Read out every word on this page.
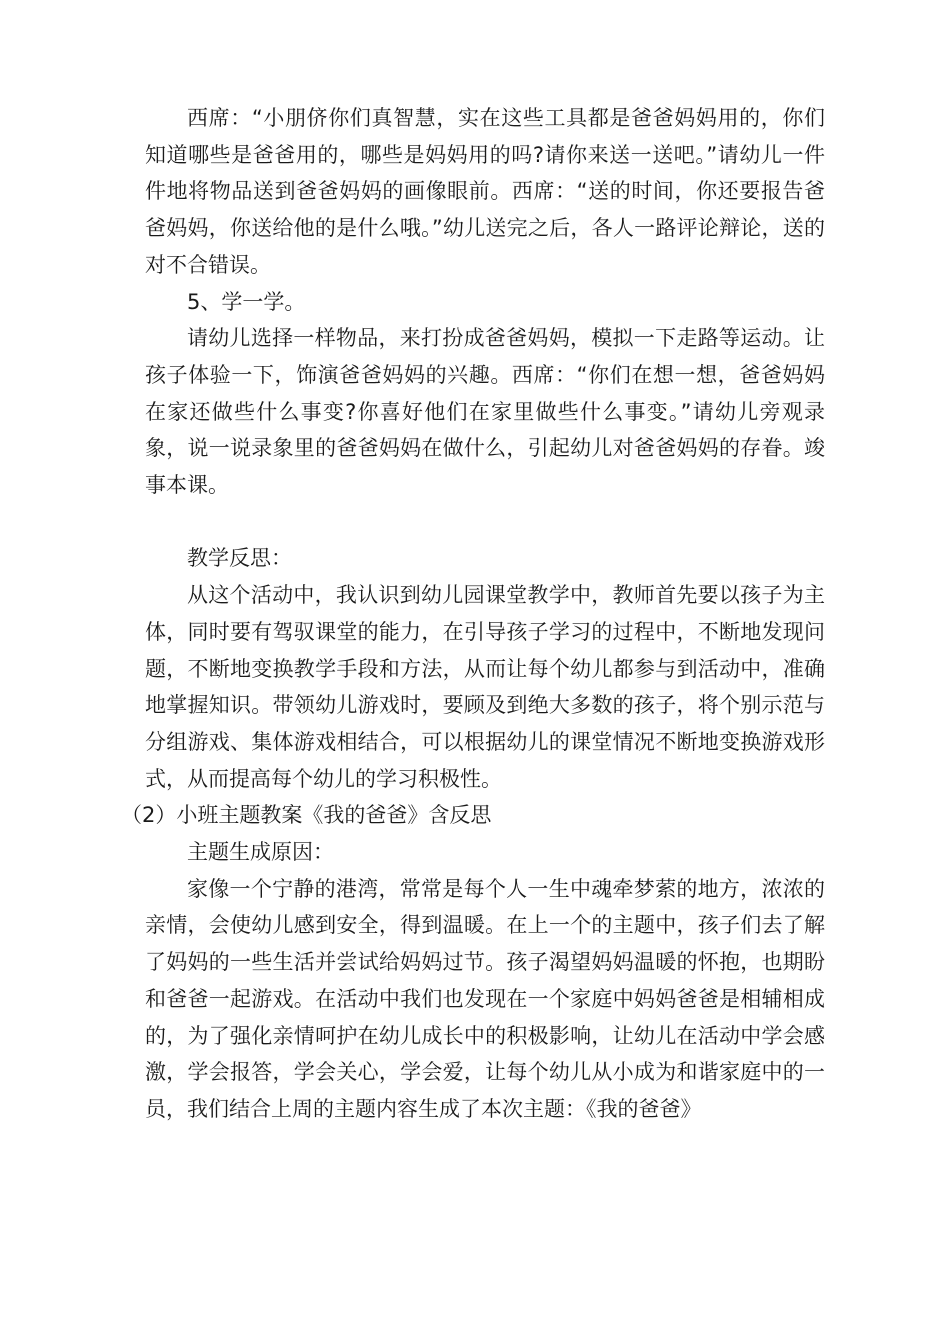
西席：“小朋侪你们真智慧，实在这些工具都是爸爸妈妈用的，你们知道哪些是爸爸用的，哪些是妈妈用的吗?请你来送一送吧。”请幼儿一件件地将物品送到爸爸妈妈的画像眼前。西席：“送的时间，你还要报告爸爸妈妈，你送给他的是什么哦。”幼儿送完之后，各人一路评论辩论，送的对不合错误。

5、学一学。

请幼儿选择一样物品，来打扮成爸爸妈妈，模拟一下走路等运动。让孩子体验一下，饰演爸爸妈妈的兴趣。西席：“你们在想一想，爸爸妈妈在家还做些什么事变?你喜好他们在家里做些什么事变。”请幼儿旁观录象，说一说录象里的爸爸妈妈在做什么，引起幼儿对爸爸妈妈的存眷。竣事本课。

教学反思：

从这个活动中，我认识到幼儿园课堂教学中，教师首先要以孩子为主体，同时要有驾驭课堂的能力，在引导孩子学习的过程中，不断地发现问题，不断地变换教学手段和方法，从而让每个幼儿都参与到活动中，准确地掌握知识。带领幼儿游戏时，要顾及到绝大多数的孩子，将个别示范与分组游戏、集体游戏相结合，可以根据幼儿的课堂情况不断地变换游戏形式，从而提高每个幼儿的学习积极性。

（2）小班主题教案《我的爸爸》含反思

主题生成原因：

家像一个宁静的港湾，常常是每个人一生中魂牵梦萦的地方，浓浓的亲情，会使幼儿感到安全，得到温暖。在上一个的主题中，孩子们去了解了妈妈的一些生活并尝试给妈妈过节。孩子渴望妈妈温暖的怀抱，也期盼和爸爸一起游戏。在活动中我们也发现在一个家庭中妈妈爸爸是相辅相成的，为了强化亲情呵护在幼儿成长中的积极影响，让幼儿在活动中学会感激，学会报答，学会关心，学会爱，让每个幼儿从小成为和谐家庭中的一员，我们结合上周的主题内容生成了本次主题：《我的爸爸》
